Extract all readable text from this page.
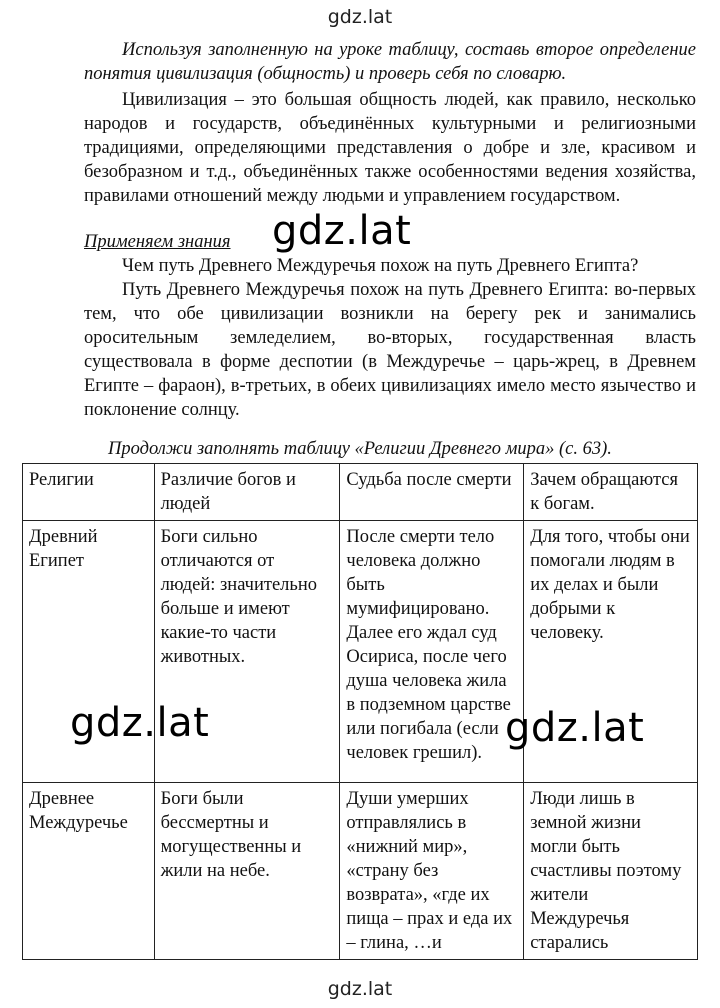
gdz.lat
Используя заполненную на уроке таблицу, составь второе определение понятия цивилизация (общность) и проверь себя по словарю.
Цивилизация – это большая общность людей, как правило, несколько народов и государств, объединённых культурными и религиозными традициями, определяющими представления о добре и зле, красивом и безобразном и т.д., объединённых также особенностями ведения хозяйства, правилами отношений между людьми и управлением государством.
Применяем знания	gdz.lat
Чем путь Древнего Междуречья похож на путь Древнего Египта?
Путь Древнего Междуречья похож на путь Древнего Египта: во-первых тем, что обе цивилизации возникли на берегу рек и занимались оросительным земледелием, во-вторых, государственная власть существовала в форме деспотии (в Междуречье – царь-жрец, в Древнем Египте – фараон), в-третьих, в обеих цивилизациях имело место язычество и поклонение солнцу.
Продолжи заполнять таблицу «Религии Древнего мира» (с. 63).
Религии	Различие богов и людей	Судьба после смерти	Зачем обращаются к богам.

Древний Египет	Боги сильно отличаются от людей: значительно больше и имеют какие-то части животных.	После смерти тело человека должно быть мумифицировано. Далее его ждал суд Осириса, после чего душа человека жила в подземном царстве или погибала (если человек грешил).	Для того, чтобы они помогали людям в их делах и были добрыми к человеку.

Древнее Междуречье	Боги были бессмертны и могущественны и жили на небе.	Души умерших отправлялись в «нижний мир», «страну без возврата», «где их пища – прах и еда их – глина, …и	Люди лишь в земной жизни могли быть счастливы поэтому жители Междуречья старались
gdz.lat	gdz.lat
gdz.lat
